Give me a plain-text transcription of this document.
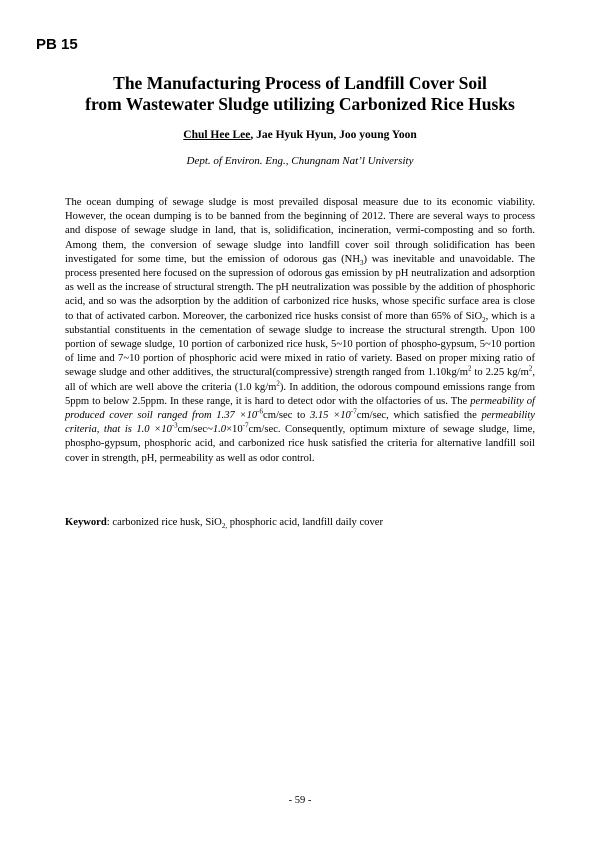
PB 15
The Manufacturing Process of Landfill Cover Soil
from Wastewater Sludge utilizing Carbonized Rice Husks
Chul Hee Lee, Jae Hyuk Hyun, Joo young Yoon
Dept. of Environ. Eng., Chungnam Nat’l University
The ocean dumping of sewage sludge is most prevailed disposal measure due to its economic viability. However, the ocean dumping is to be banned from the beginning of 2012. There are several ways to process and dispose of sewage sludge in land, that is, solidification, incineration, vermi-composting and so forth. Among them, the conversion of sewage sludge into landfill cover soil through solidification has been investigated for some time, but the emission of odorous gas $(NH_3)$ was inevitable and unavoidable. The process presented here focused on the supression of odorous gas emission by pH neutralization and adsorption as well as the increase of structural strength. The pH neutralization was possible by the addition of phosphoric acid, and so was the adsorption by the addition of carbonized rice husks, whose specific surface area is close to that of activated carbon. Moreover, the carbonized rice husks consist of more than 65% of SiO$_2$, which is a substantial constituents in the cementation of sewage sludge to increase the structural strength. Upon 100 portion of sewage sludge, 10 portion of carbonized rice husk, 5~10 portion of phospho-gypsum, 5~10 portion of lime and 7~10 portion of phosphoric acid were mixed in ratio of variety. Based on proper mixing ratio of sewage sludge and other additives, the structural(compressive) strength ranged from $1.10kg/m^2$ to 2.25 $kg/m^2$, all of which are well above the criteria (1.0 $kg/m^2$). In addition, the odorous compound emissions range from 5ppm to below 2.5ppm. In these range, it is hard to detect odor with the olfactories of us. The permeability of produced cover soil ranged from $1.37 \times 10^{-6}cm/\sec$ to $3.15 \times 10^{-7}cm/\sec$, which satisfied the permeability criteria, that is $1.0 \times 10^{-3}cm/\sec\sim 1.0\times 10^{-7}cm/\sec$. Consequently, optimum mixture of sewage sludge, lime, phospho-gypsum, phosphoric acid, and carbonized rice husk satisfied the criteria for alternative landfill soil cover in strength, pH, permeability as well as odor control.
Keyword: carbonized rice husk, SiO$_{2,}$ phosphoric acid, landfill daily cover
- 59 -
